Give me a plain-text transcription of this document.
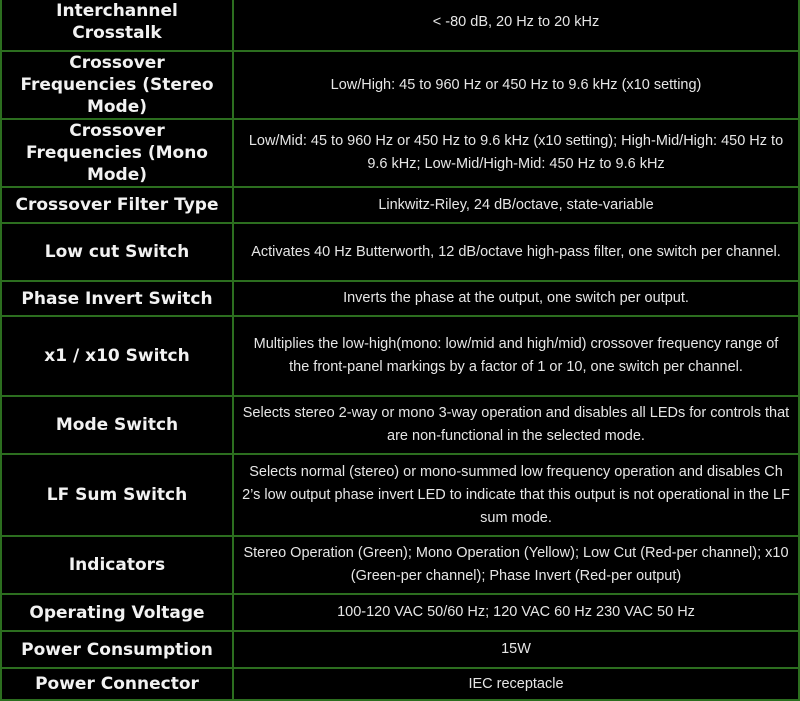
Interchannel Crosstalk	< -80 dB, 20 Hz to 20 kHz
Crossover Frequencies (Stereo Mode)	Low/High: 45 to 960 Hz or 450 Hz to 9.6 kHz (x10 setting)
Crossover Frequencies (Mono Mode)	Low/Mid: 45 to 960 Hz or 450 Hz to 9.6 kHz (x10 setting); High-Mid/High: 450 Hz to 9.6 kHz; Low-Mid/High-Mid: 450 Hz to 9.6 kHz
Crossover Filter Type	Linkwitz-Riley, 24 dB/octave, state-variable
Low cut Switch	Activates 40 Hz Butterworth, 12 dB/octave high-pass filter, one switch per channel.
Phase Invert Switch	Inverts the phase at the output, one switch per output.
x1 / x10 Switch	Multiplies the low-high(mono: low/mid and high/mid) crossover frequency range of the front-panel markings by a factor of 1 or 10, one switch per channel.
Mode Switch	Selects stereo 2-way or mono 3-way operation and disables all LEDs for controls that are non-functional in the selected mode.
LF Sum Switch	Selects normal (stereo) or mono-summed low frequency operation and disables Ch 2’s low output phase invert LED to indicate that this output is not operational in the LF sum mode.
Indicators	Stereo Operation (Green); Mono Operation (Yellow); Low Cut (Red-per channel); x10 (Green-per channel); Phase Invert (Red-per output)
Operating Voltage	100-120 VAC 50/60 Hz; 120 VAC 60 Hz 230 VAC 50 Hz
Power Consumption	15W
Power Connector	IEC receptacle
